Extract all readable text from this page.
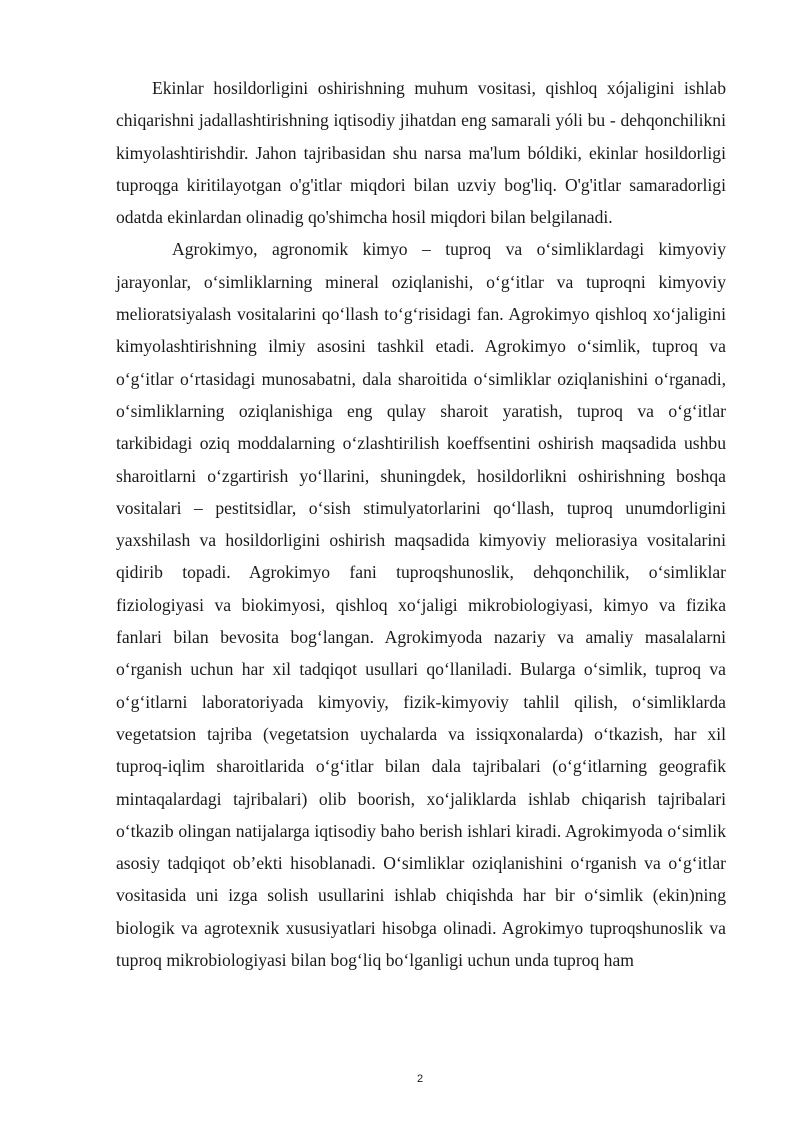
Ekinlar hosildorligini oshirishning muhum vositasi, qishloq xójaligini ishlab chiqarishni jadallashtirishning iqtisodiy jihatdan eng samarali yóli bu - dehqonchilikni kimyolashtirishdir. Jahon tajribasidan shu narsa ma'lum bóldiki, ekinlar hosildorligi tuproqga kiritilayotgan o'g'itlar miqdori bilan uzviy bog'liq. O'g'itlar samaradorligi odatda ekinlardan olinadig qo'shimcha hosil miqdori bilan belgilanadi.

Agrokimyo, agronomik kimyo – tuproq va oʻsimliklardagi kimyoviy jarayonlar, oʻsimliklarning mineral oziqlanishi, oʻgʻitlar va tuproqni kimyoviy melioratsiyalash vositalarini qoʻllash toʻgʻrisidagi fan. Agrokimyo qishloq xoʻjaligini kimyolashtirishning ilmiy asosini tashkil etadi. Agrokimyo oʻsimlik, tuproq va oʻgʻitlar oʻrtasidagi munosabatni, dala sharoitida oʻsimliklar oziqlanishini oʻrganadi, oʻsimliklarning oziqlanishiga eng qulay sharoit yaratish, tuproq va oʻgʻitlar tarkibidagi oziq moddalarning oʻzlashtirilish koeffsentini oshirish maqsadida ushbu sharoitlarni oʻzgartirish yoʻllarini, shuningdek, hosildorlikni oshirishning boshqa vositalari – pestitsidlar, oʻsish stimulyatorlarini qoʻllash, tuproq unumdorligini yaxshilash va hosildorligini oshirish maqsadida kimyoviy meliorasiya vositalarini qidirib topadi. Agrokimyo fani tuproqshunoslik, dehqonchilik, oʻsimliklar fiziologiyasi va biokimyosi, qishloq xoʻjaligi mikrobiologiyasi, kimyo va fizika fanlari bilan bevosita bogʻlangan. Agrokimyoda nazariy va amaliy masalalarni oʻrganish uchun har xil tadqiqot usullari qoʻllaniladi. Bularga oʻsimlik, tuproq va oʻgʻitlarni laboratoriyada kimyoviy, fizik-kimyoviy tahlil qilish, oʻsimliklarda vegetatsion tajriba (vegetatsion uychalarda va issiqxonalarda) oʻtkazish, har xil tuproq-iqlim sharoitlarida oʻgʻitlar bilan dala tajribalari (oʻgʻitlarning geografik mintaqalardagi tajribalari) olib boorish, xoʻjaliklarda ishlab chiqarish tajribalari oʻtkazib olingan natijalarga iqtisodiy baho berish ishlari kiradi. Agrokimyoda oʻsimlik asosiy tadqiqot ob’ekti hisoblanadi. Oʻsimliklar oziqlanishini oʻrganish va oʻgʻitlar vositasida uni izga solish usullarini ishlab chiqishda har bir oʻsimlik (ekin)ning biologik va agrotexnik xususiyatlari hisobga olinadi. Agrokimyo tuproqshunoslik va tuproq mikrobiologiyasi bilan bogʻliq boʻlganligi uchun unda tuproq ham

2
